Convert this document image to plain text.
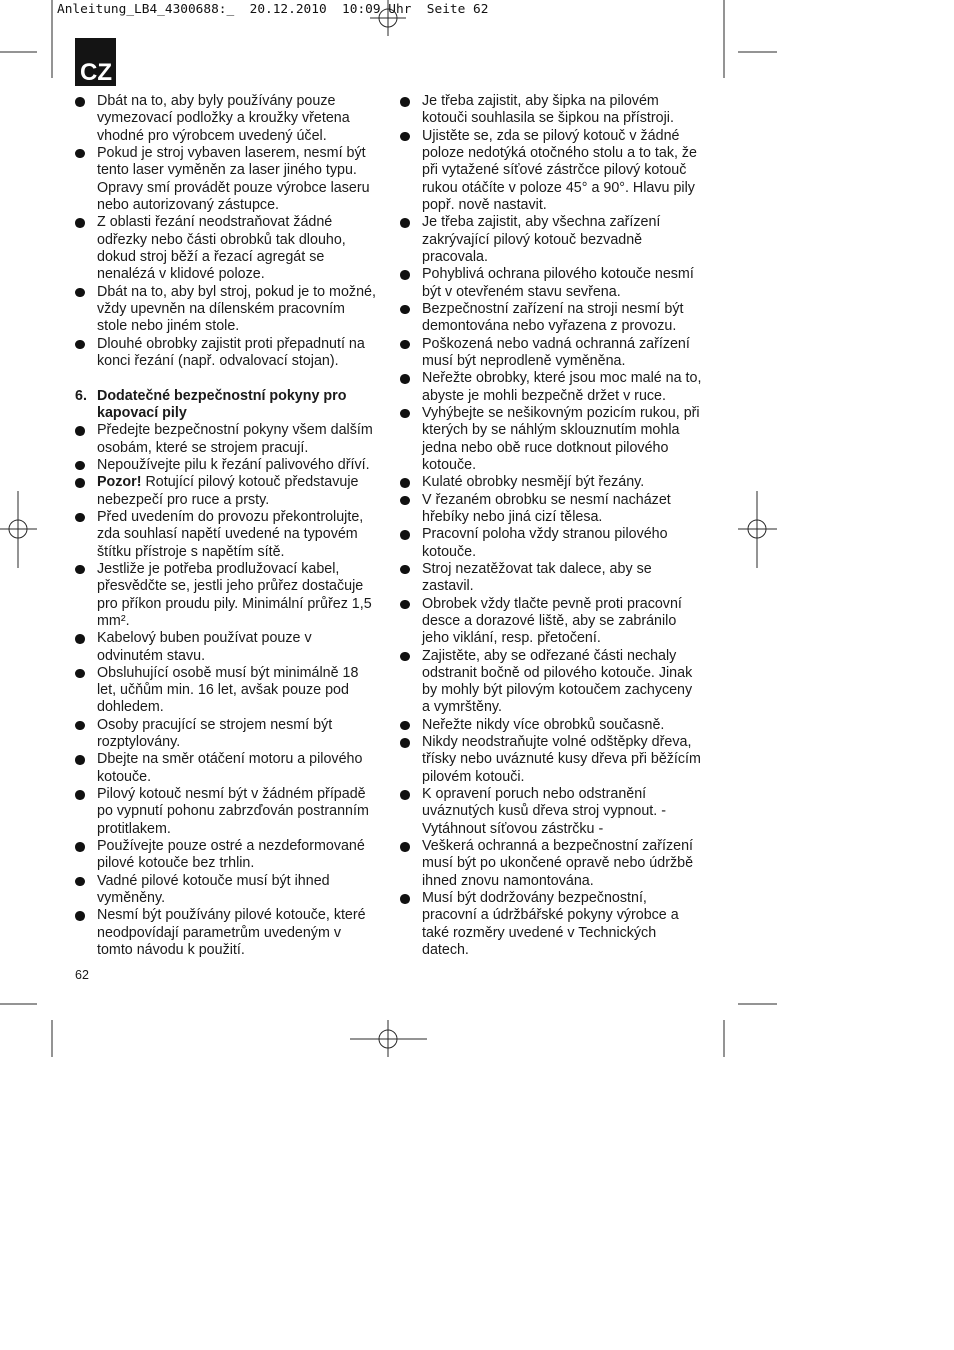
Anleitung_LB4_4300688:_  20.12.2010  10:09 Uhr  Seite 62
CZ
Dbát na to, aby byly používány pouze
vymezovací podložky a kroužky vřetena
vhodné pro výrobcem uvedený účel.
Pokud je stroj vybaven laserem, nesmí být
tento laser vyměněn za laser jiného typu.
Opravy smí provádět pouze výrobce laseru
nebo autorizovaný zástupce.
Z oblasti řezání neodstraňovat žádné
odřezky nebo části obrobků tak dlouho,
dokud stroj běží a řezací agregát se
nenalézá v klidové poloze.
Dbát na to, aby byl stroj, pokud je to možné,
vždy upevněn na dílenském pracovním
stole nebo jiném stole.
Dlouhé obrobky zajistit proti přepadnutí na
konci řezání (např. odvalovací stojan).
6. Dodatečné bezpečnostní pokyny pro
kapovací pily
Předejte bezpečnostní pokyny všem dalším
osobám, které se strojem pracují.
Nepoužívejte pilu k řezání palivového dříví.
Pozor! Rotující pilový kotouč představuje
nebezpečí pro ruce a prsty.
Před uvedením do provozu překontrolujte,
zda souhlasí napětí uvedené na typovém
štítku přístroje s napětím sítě.
Jestliže je potřeba prodlužovací kabel,
přesvědčte se, jestli jeho průřez dostačuje
pro příkon proudu pily. Minimální průřez 1,5
mm².
Kabelový buben používat pouze v
odvinutém stavu.
Obsluhující osobě musí být minimálně 18
let, učňům min. 16 let, avšak pouze pod
dohledem.
Osoby pracující se strojem nesmí být
rozptylovány.
Dbejte na směr otáčení motoru a pilového
kotouče.
Pilový kotouč nesmí být v žádném případě
po vypnutí pohonu zabrzďován postranním
protitlakem.
Používejte pouze ostré a nezdeformované
pilové kotouče bez trhlin.
Vadné pilové kotouče musí být ihned
vyměněny.
Nesmí být používány pilové kotouče, které
neodpovídají parametrům uvedeným v
tomto návodu k použití.
Je třeba zajistit, aby šipka na pilovém
kotouči souhlasila se šipkou na přístroji.
Ujistěte se, zda se pilový kotouč v žádné
poloze nedotýká otočného stolu a to tak, že
při vytažené síťové zástrčce pilový kotouč
rukou otáčíte v poloze 45° a 90°. Hlavu pily
popř. nově nastavit.
Je třeba zajistit, aby všechna zařízení
zakrývající pilový kotouč bezvadně
pracovala.
Pohyblivá ochrana pilového kotouče nesmí
být v otevřeném stavu sevřena.
Bezpečnostní zařízení na stroji nesmí být
demontována nebo vyřazena z provozu.
Poškozená nebo vadná ochranná zařízení
musí být neprodleně vyměněna.
Neřežte obrobky, které jsou moc malé na to,
abyste je mohli bezpečně držet v ruce.
Vyhýbejte se nešikovným pozicím rukou, při
kterých by se náhlým sklouznutím mohla
jedna nebo obě ruce dotknout pilového
kotouče.
Kulaté obrobky nesmějí být řezány.
V řezaném obrobku se nesmí nacházet
hřebíky nebo jiná cizí tělesa.
Pracovní poloha vždy stranou pilového
kotouče.
Stroj nezatěžovat tak dalece, aby se
zastavil.
Obrobek vždy tlačte pevně proti pracovní
desce a dorazové liště, aby se zabránilo
jeho viklání, resp. přetočení.
Zajistěte, aby se odřezané části nechaly
odstranit bočně od pilového kotouče. Jinak
by mohly být pilovým kotoučem zachyceny
a vymrštěny.
Neřežte nikdy více obrobků současně.
Nikdy neodstraňujte volné odštěpky dřeva,
třísky nebo uváznuté kusy dřeva při běžícím
pilovém kotouči.
K opravení poruch nebo odstranění
uváznutých kusů dřeva stroj vypnout. -
Vytáhnout síťovou zástrčku -
Veškerá ochranná a bezpečnostní zařízení
musí být po ukončené opravě nebo údržbě
ihned znovu namontována.
Musí být dodržovány bezpečnostní,
pracovní a údržbářské pokyny výrobce a
také rozměry uvedené v Technických
datech.
62
